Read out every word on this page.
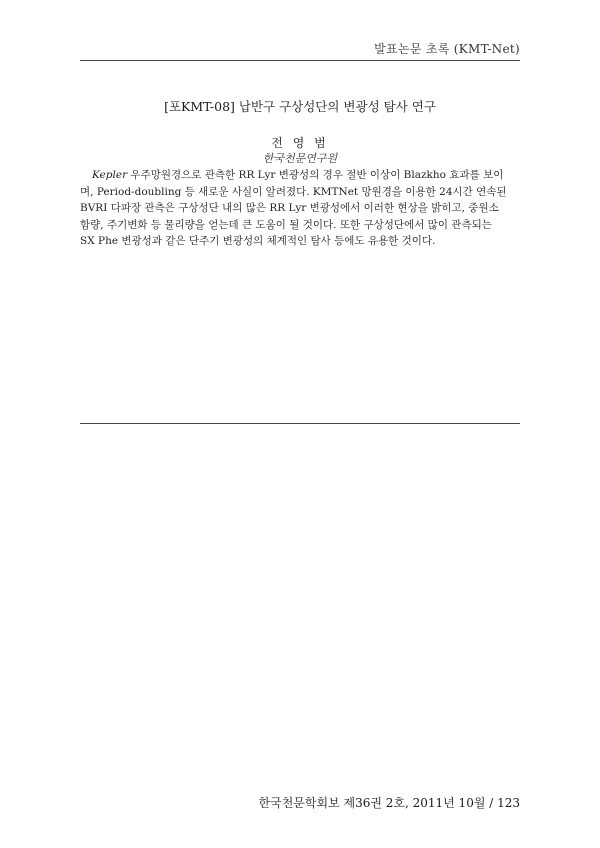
발표논문 초록 (KMT-Net)
[포KMT-08] 납반구 구상성단의 변광성 탐사 연구
전 영 범
한국천문연구원
Kepler 우주망원경으로 관측한 RR Lyr 변광성의 경우 절반 이상이 Blazkho 효과를 보이
며, Period-doubling 등 새로운 사실이 알려졌다. KMTNet 망원경을 이용한 24시간 연속된
BVRI 다파장 관측은 구상성단 내의 많은 RR Lyr 변광성에서 이러한 현상을 밝히고, 중원소
함량, 주기변화 등 물리량을 얻는데 큰 도움이 될 것이다. 또한 구상성단에서 많이 관측되는
SX Phe 변광성과 같은 단주기 변광성의 체계적인 탐사 등에도 유용한 것이다.
한국천문학회보 제36권 2호, 2011년 10월 / 123
